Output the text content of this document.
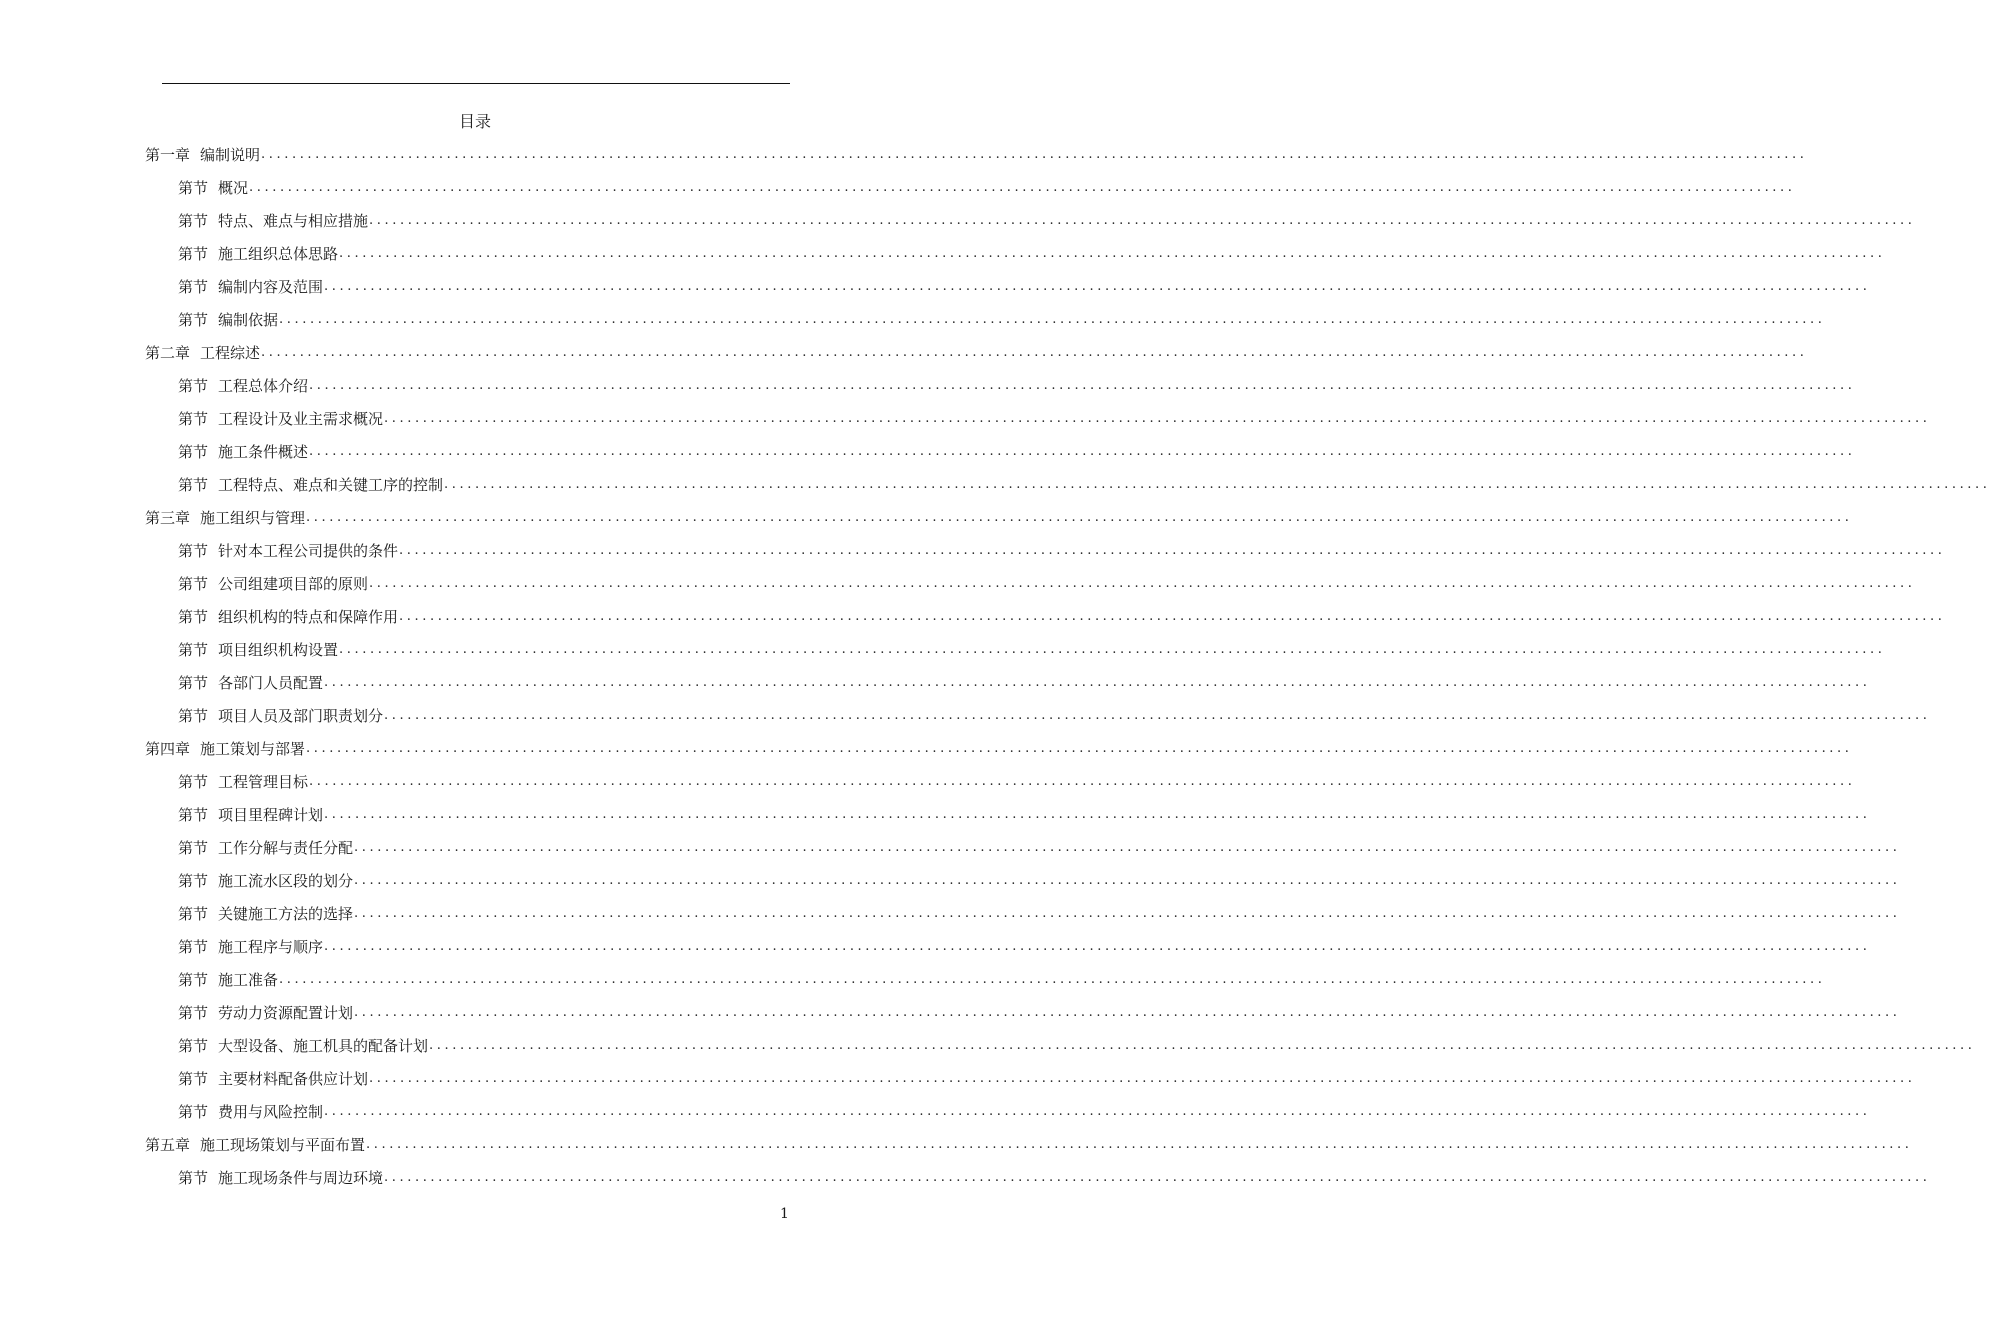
目录
第一章 编制说明 ........................................................................................................................................................................................................
第节 概况 ........................................................................................................................................................................................................
第节 特点、难点与相应措施 ........................................................................................................................................................................................................
第节 施工组织总体思路 ........................................................................................................................................................................................................
第节 编制内容及范围 ........................................................................................................................................................................................................
第节 编制依据 ........................................................................................................................................................................................................
第二章 工程综述 ........................................................................................................................................................................................................
第节 工程总体介绍 ........................................................................................................................................................................................................
第节 工程设计及业主需求概况 ........................................................................................................................................................................................................
第节 施工条件概述 ........................................................................................................................................................................................................
第节 工程特点、难点和关键工序的控制 ........................................................................................................................................................................................................
第三章 施工组织与管理 ........................................................................................................................................................................................................
第节 针对本工程公司提供的条件 ........................................................................................................................................................................................................
第节 公司组建项目部的原则 ........................................................................................................................................................................................................
第节 组织机构的特点和保障作用 ........................................................................................................................................................................................................
第节 项目组织机构设置 ........................................................................................................................................................................................................
第节 各部门人员配置 ........................................................................................................................................................................................................
第节 项目人员及部门职责划分 ........................................................................................................................................................................................................
第四章 施工策划与部署 ........................................................................................................................................................................................................
第节 工程管理目标 ........................................................................................................................................................................................................
第节 项目里程碑计划 ........................................................................................................................................................................................................
第节 工作分解与责任分配 ........................................................................................................................................................................................................
第节 施工流水区段的划分 ........................................................................................................................................................................................................
第节 关键施工方法的选择 ........................................................................................................................................................................................................
第节 施工程序与顺序 ........................................................................................................................................................................................................
第节 施工准备 ........................................................................................................................................................................................................
第节 劳动力资源配置计划 ........................................................................................................................................................................................................
第节 大型设备、施工机具的配备计划 ........................................................................................................................................................................................................
第节 主要材料配备供应计划 ........................................................................................................................................................................................................
第节 费用与风险控制 ........................................................................................................................................................................................................
第五章 施工现场策划与平面布置 ........................................................................................................................................................................................................
第节 施工现场条件与周边环境 ........................................................................................................................................................................................................
1
